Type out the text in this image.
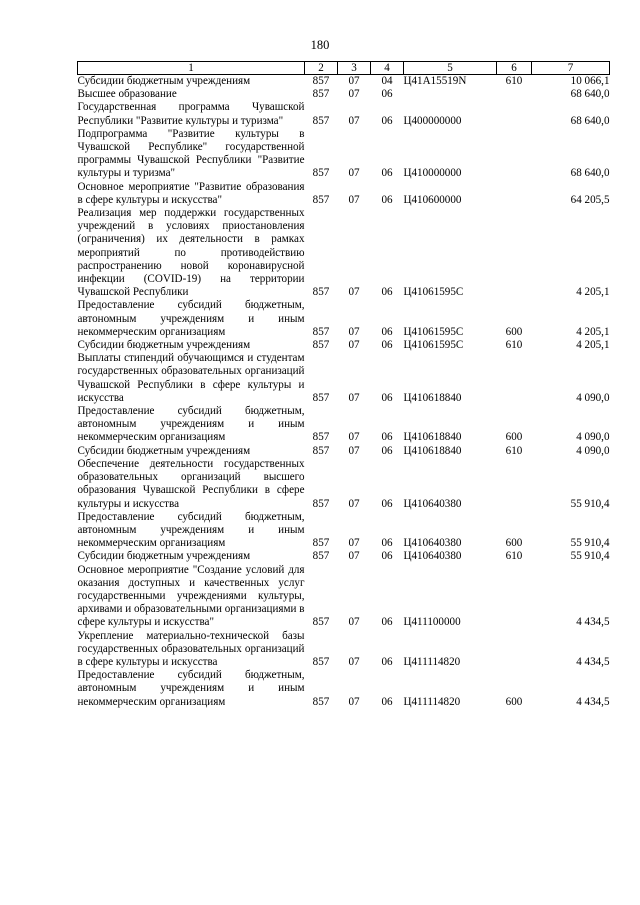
180
1	2	3	4	5	6	7
Субсидии бюджетным учреждениям	857	07	04	Ц41А15519N	610	10 066,1
Высшее образование	857	07	06			68 640,0
Государственная программа Чувашской Республики "Развитие культуры и туризма"	857	07	06	Ц400000000		68 640,0
Подпрограмма "Развитие культуры в Чувашской Республике" государственной программы Чувашской Республики "Развитие культуры и туризма"	857	07	06	Ц410000000		68 640,0
Основное мероприятие "Развитие образования в сфере культуры и искусства"	857	07	06	Ц410600000		64 205,5
Реализация мер поддержки государственных учреждений в условиях приостановления (ограничения) их деятельности в рамках мероприятий по противодействию распространению новой коронавирусной инфекции (COVID-19) на территории Чувашской Республики	857	07	06	Ц41061595С		4 205,1
Предоставление субсидий бюджетным, автономным учреждениям и иным некоммерческим организациям	857	07	06	Ц41061595С	600	4 205,1
Субсидии бюджетным учреждениям	857	07	06	Ц41061595С	610	4 205,1
Выплаты стипендий обучающимся и студентам государственных образовательных организаций Чувашской Республики в сфере культуры и искусства	857	07	06	Ц410618840		4 090,0
Предоставление субсидий бюджетным, автономным учреждениям и иным некоммерческим организациям	857	07	06	Ц410618840	600	4 090,0
Субсидии бюджетным учреждениям	857	07	06	Ц410618840	610	4 090,0
Обеспечение деятельности государственных образовательных организаций высшего образования Чувашской Республики в сфере культуры и искусства	857	07	06	Ц410640380		55 910,4
Предоставление субсидий бюджетным, автономным учреждениям и иным некоммерческим организациям	857	07	06	Ц410640380	600	55 910,4
Субсидии бюджетным учреждениям	857	07	06	Ц410640380	610	55 910,4
Основное мероприятие "Создание условий для оказания доступных и качественных услуг государственными учреждениями культуры, архивами и образовательными организациями в сфере культуры и искусства"	857	07	06	Ц411100000		4 434,5
Укрепление материально-технической базы государственных образовательных организаций в сфере культуры и искусства	857	07	06	Ц411114820		4 434,5
Предоставление субсидий бюджетным, автономным учреждениям и иным некоммерческим организациям	857	07	06	Ц411114820	600	4 434,5
